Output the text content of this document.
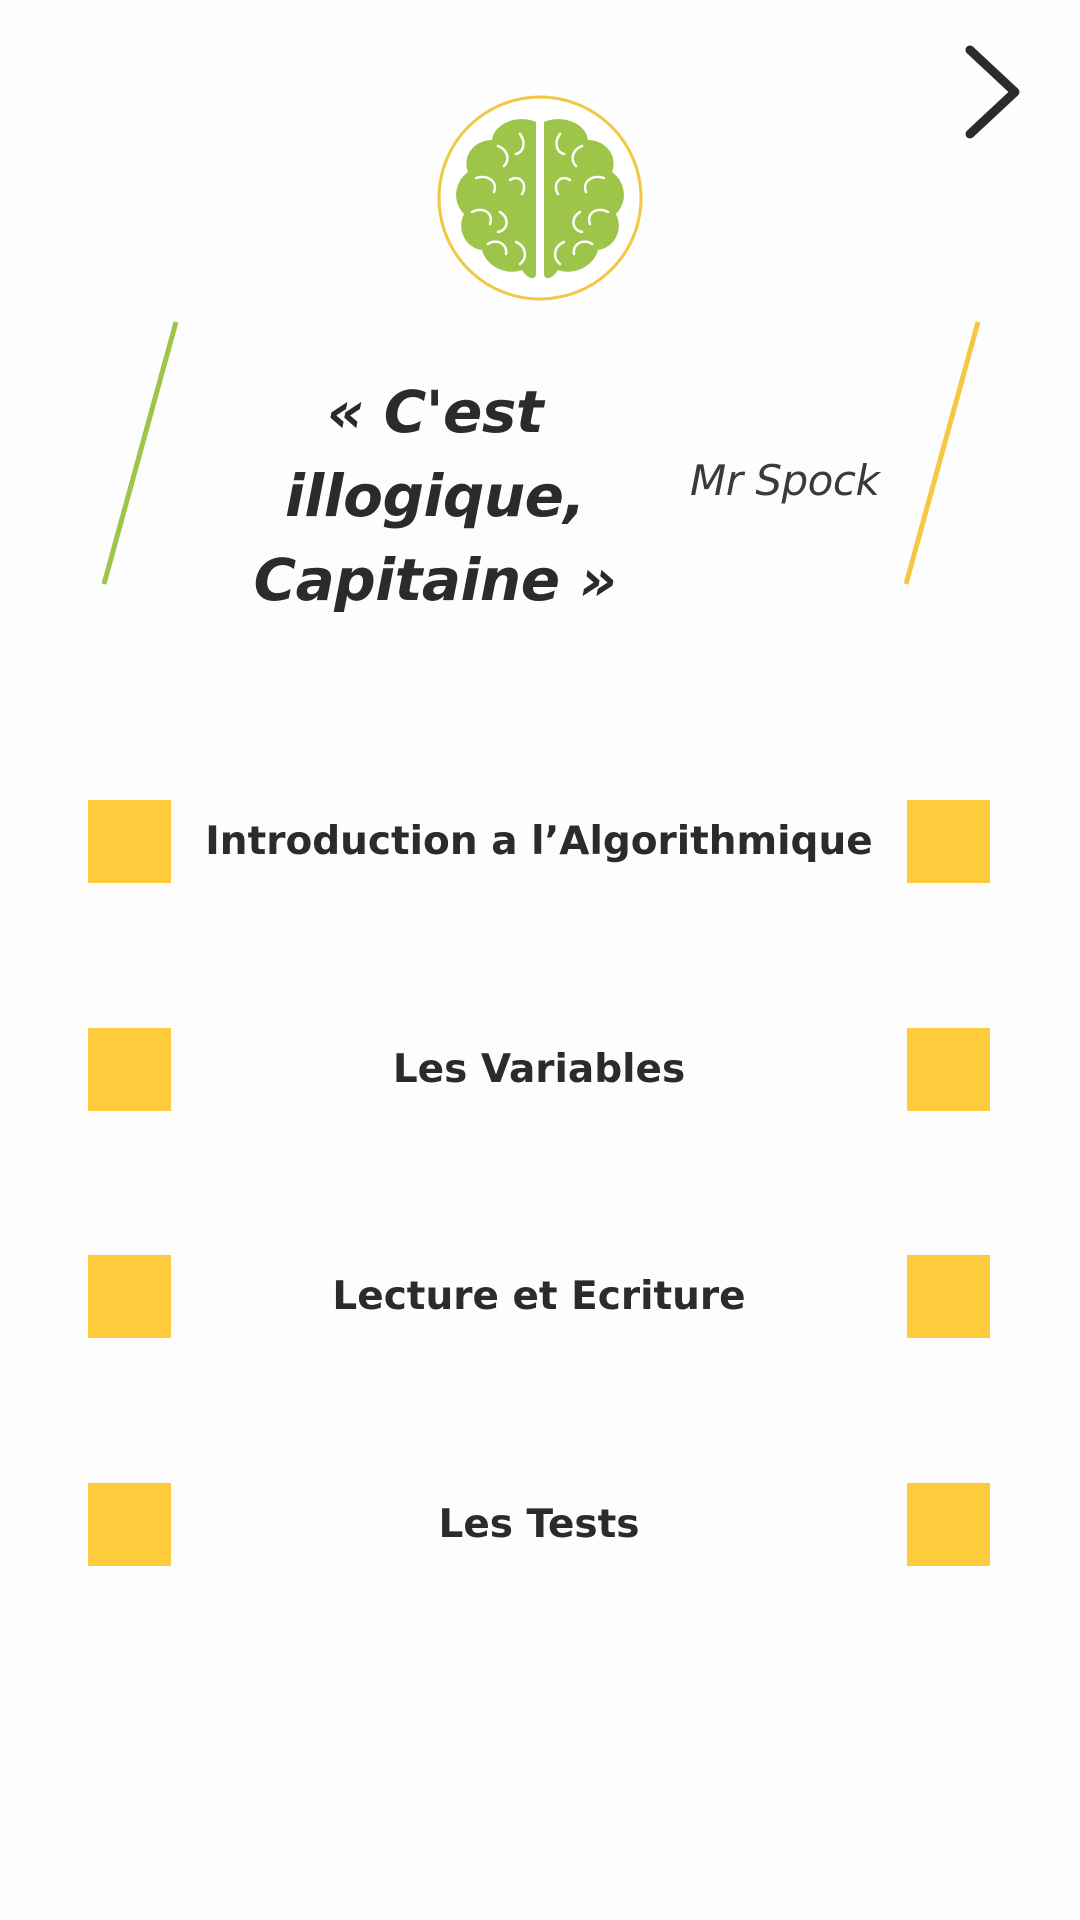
« C'est illogique,
Capitaine »
Mr Spock
Introduction a l’Algorithmique
Les Variables
Lecture et Ecriture
Les Tests
